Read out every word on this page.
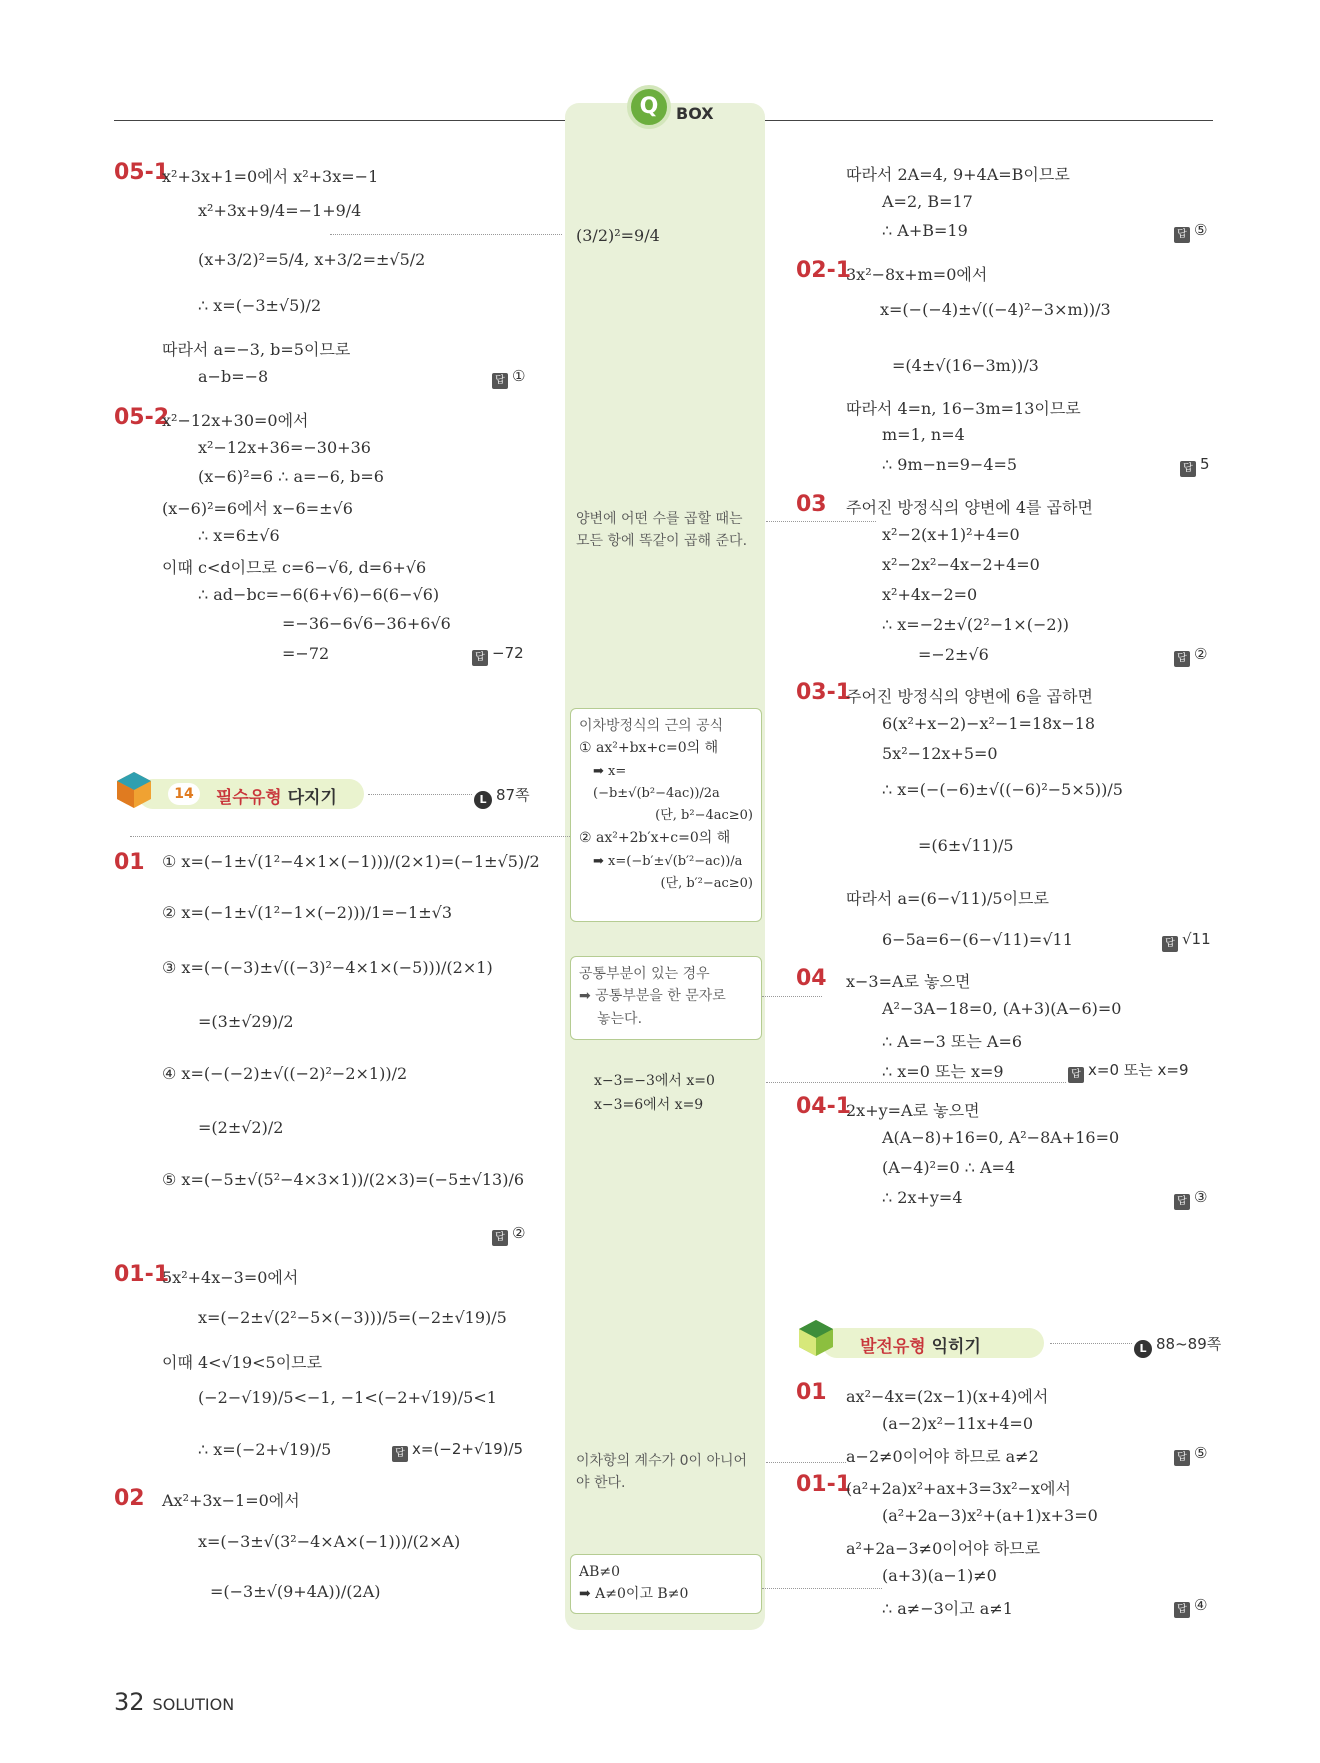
Q	BOX
05-1
x²+3x+1=0에서 x²+3x=−1
x²+3x+9/4=−1+9/4
(x+3/2)²=5/4, x+3/2=±√5/2
∴ x=(−3±√5)/2
따라서 a=−3, b=5이므로
a−b=−8	답 ①
05-2
x²−12x+30=0에서
x²−12x+36=−30+36
(x−6)²=6 ∴ a=−6, b=6
(x−6)²=6에서 x−6=±√6
∴ x=6±√6
이때 c<d이므로 c=6−√6, d=6+√6
∴ ad−bc=−6(6+√6)−6(6−√6)
=−36−6√6−36+6√6
=−72	답 −72
14	필수유형 다지기	L 87쪽
01 ① x=(−1±√(1²−4×1×(−1)))/(2×1)=(−1±√5)/2
② x=(−1±√(1²−1×(−2)))/1=−1±√3
③ x=(−(−3)±√((−3)²−4×1×(−5)))/(2×1)
=(3±√29)/2
④ x=(−(−2)±√((−2)²−2×1))/2
=(2±√2)/2
⑤ x=(−5±√(5²−4×3×1))/(2×3)=(−5±√13)/6
답 ②
01-1
5x²+4x−3=0에서
x=(−2±√(2²−5×(−3)))/5=(−2±√19)/5
이때 4<√19<5이므로
(−2−√19)/5<−1, −1<(−2+√19)/5<1
∴ x=(−2+√19)/5	답 x=(−2+√19)/5
02 Ax²+3x−1=0에서
x=(−3±√(3²−4×A×(−1)))/(2×A)
=(−3±√(9+4A))/(2A)
(3/2)²=9/4
양변에 어떤 수를 곱할 때는 모든 항에 똑같이 곱해 준다.
이차방정식의 근의 공식
① ax²+bx+c=0의 해
➡ x=(−b±√(b²−4ac))/2a
(단, b²−4ac≥0)
② ax²+2b′x+c=0의 해
➡ x=(−b′±√(b′²−ac))/a
(단, b′²−ac≥0)
공통부분이 있는 경우
➡ 공통부분을 한 문자로
놓는다.
x−3=−3에서 x=0
x−3=6에서 x=9
이차항의 계수가 0이 아니어야 한다.
AB≠0
➡ A≠0이고 B≠0
따라서 2A=4, 9+4A=B이므로
A=2, B=17
∴ A+B=19	답 ⑤
02-1
3x²−8x+m=0에서
x=(−(−4)±√((−4)²−3×m))/3
=(4±√(16−3m))/3
따라서 4=n, 16−3m=13이므로
m=1, n=4
∴ 9m−n=9−4=5	답 5
03 주어진 방정식의 양변에 4를 곱하면
x²−2(x+1)²+4=0
x²−2x²−4x−2+4=0
x²+4x−2=0
∴ x=−2±√(2²−1×(−2))
=−2±√6	답 ②
03-1
주어진 방정식의 양변에 6을 곱하면
6(x²+x−2)−x²−1=18x−18
5x²−12x+5=0
∴ x=(−(−6)±√((−6)²−5×5))/5
=(6±√11)/5
따라서 a=(6−√11)/5이므로
6−5a=6−(6−√11)=√11	답 √11
04 x−3=A로 놓으면
A²−3A−18=0, (A+3)(A−6)=0
∴ A=−3 또는 A=6
∴ x=0 또는 x=9	답 x=0 또는 x=9
04-1
2x+y=A로 놓으면
A(A−8)+16=0, A²−8A+16=0
(A−4)²=0 ∴ A=4
∴ 2x+y=4	답 ③
발전유형 익히기	L 88~89쪽
01 ax²−4x=(2x−1)(x+4)에서
(a−2)x²−11x+4=0
a−2≠0이어야 하므로 a≠2	답 ⑤
01-1
(a²+2a)x²+ax+3=3x²−x에서
(a²+2a−3)x²+(a+1)x+3=0
a²+2a−3≠0이어야 하므로
(a+3)(a−1)≠0
∴ a≠−3이고 a≠1	답 ④
32 SOLUTION
